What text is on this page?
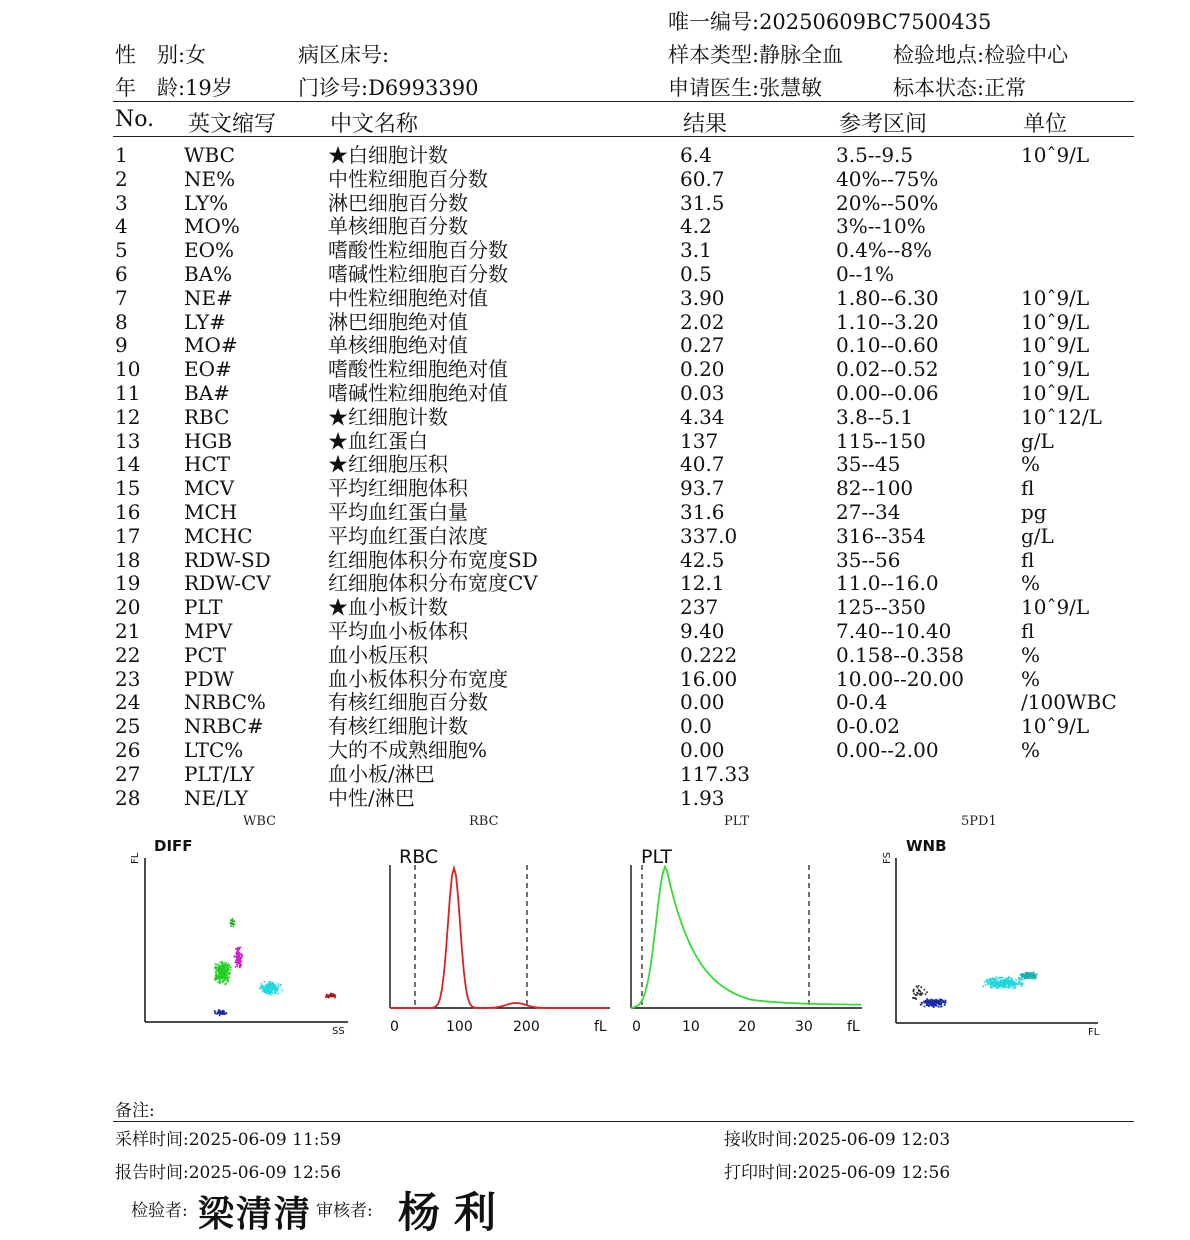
唯一编号:20250609BC7500435
性　别:女	病区床号:	样本类型:静脉全血 检验地点:检验中心
年　龄:19岁	门诊号:D6993390	申请医生:张慧敏	标本状态:正常
No. 英文缩写 中文名称	结果	参考区间	单位
1	WBC	★白细胞计数	6.4	3.5--9.5	10ˆ9/L
2	NE%	中性粒细胞百分数	60.7	40%--75%
3	LY%	淋巴细胞百分数	31.5	20%--50%
4	MO%	单核细胞百分数	4.2	3%--10%
5	EO%	嗜酸性粒细胞百分数	3.1	0.4%--8%
6	BA%	嗜碱性粒细胞百分数	0.5	0--1%
7	NE#	中性粒细胞绝对值	3.90	1.80--6.30	10ˆ9/L
8	LY#	淋巴细胞绝对值	2.02	1.10--3.20	10ˆ9/L
9	MO#	单核细胞绝对值	0.27	0.10--0.60	10ˆ9/L
10 EO#	嗜酸性粒细胞绝对值	0.20	0.02--0.52	10ˆ9/L
11 BA#	嗜碱性粒细胞绝对值	0.03	0.00--0.06	10ˆ9/L
12 RBC	★红细胞计数	4.34	3.8--5.1	10ˆ12/L
13 HGB	★血红蛋白	137	115--150	g/L
14 HCT	★红细胞压积	40.7	35--45	%
15 MCV	平均红细胞体积	93.7	82--100	fl
16 MCH	平均血红蛋白量	31.6	27--34	pg
17 MCHC	平均血红蛋白浓度	337.0	316--354	g/L
18 RDW-SD	红细胞体积分布宽度SD	42.5	35--56	fl
19 RDW-CV	红细胞体积分布宽度CV	12.1	11.0--16.0	%
20 PLT	★血小板计数	237	125--350	10ˆ9/L
21 MPV	平均血小板体积	9.40	7.40--10.40	fl
22 PCT	血小板压积	0.222	0.158--0.358	%
23 PDW	血小板体积分布宽度	16.00	10.00--20.00	%
24 NRBC%	有核红细胞百分数	0.00	0-0.4	/100WBC
25 NRBC#	有核红细胞计数	0.0	0-0.02	10ˆ9/L
26 LTC%	大的不成熟细胞%	0.00	0.00--2.00	%
27 PLT/LY	血小板/淋巴	117.33
28 NE/LY	中性/淋巴	1.93
WBC	RBC	PLT	5PD1
DIFF
FL
SS
RBC
0	100	200	fL
PLT
0	10	20	30 fL
WNB
FS
FL
备注:
采样时间:2025-06-09 11:59	接收时间:2025-06-09 12:03
报告时间:2025-06-09 12:56	打印时间:2025-06-09 12:56
检验者: 梁清清 审核者: 杨利
